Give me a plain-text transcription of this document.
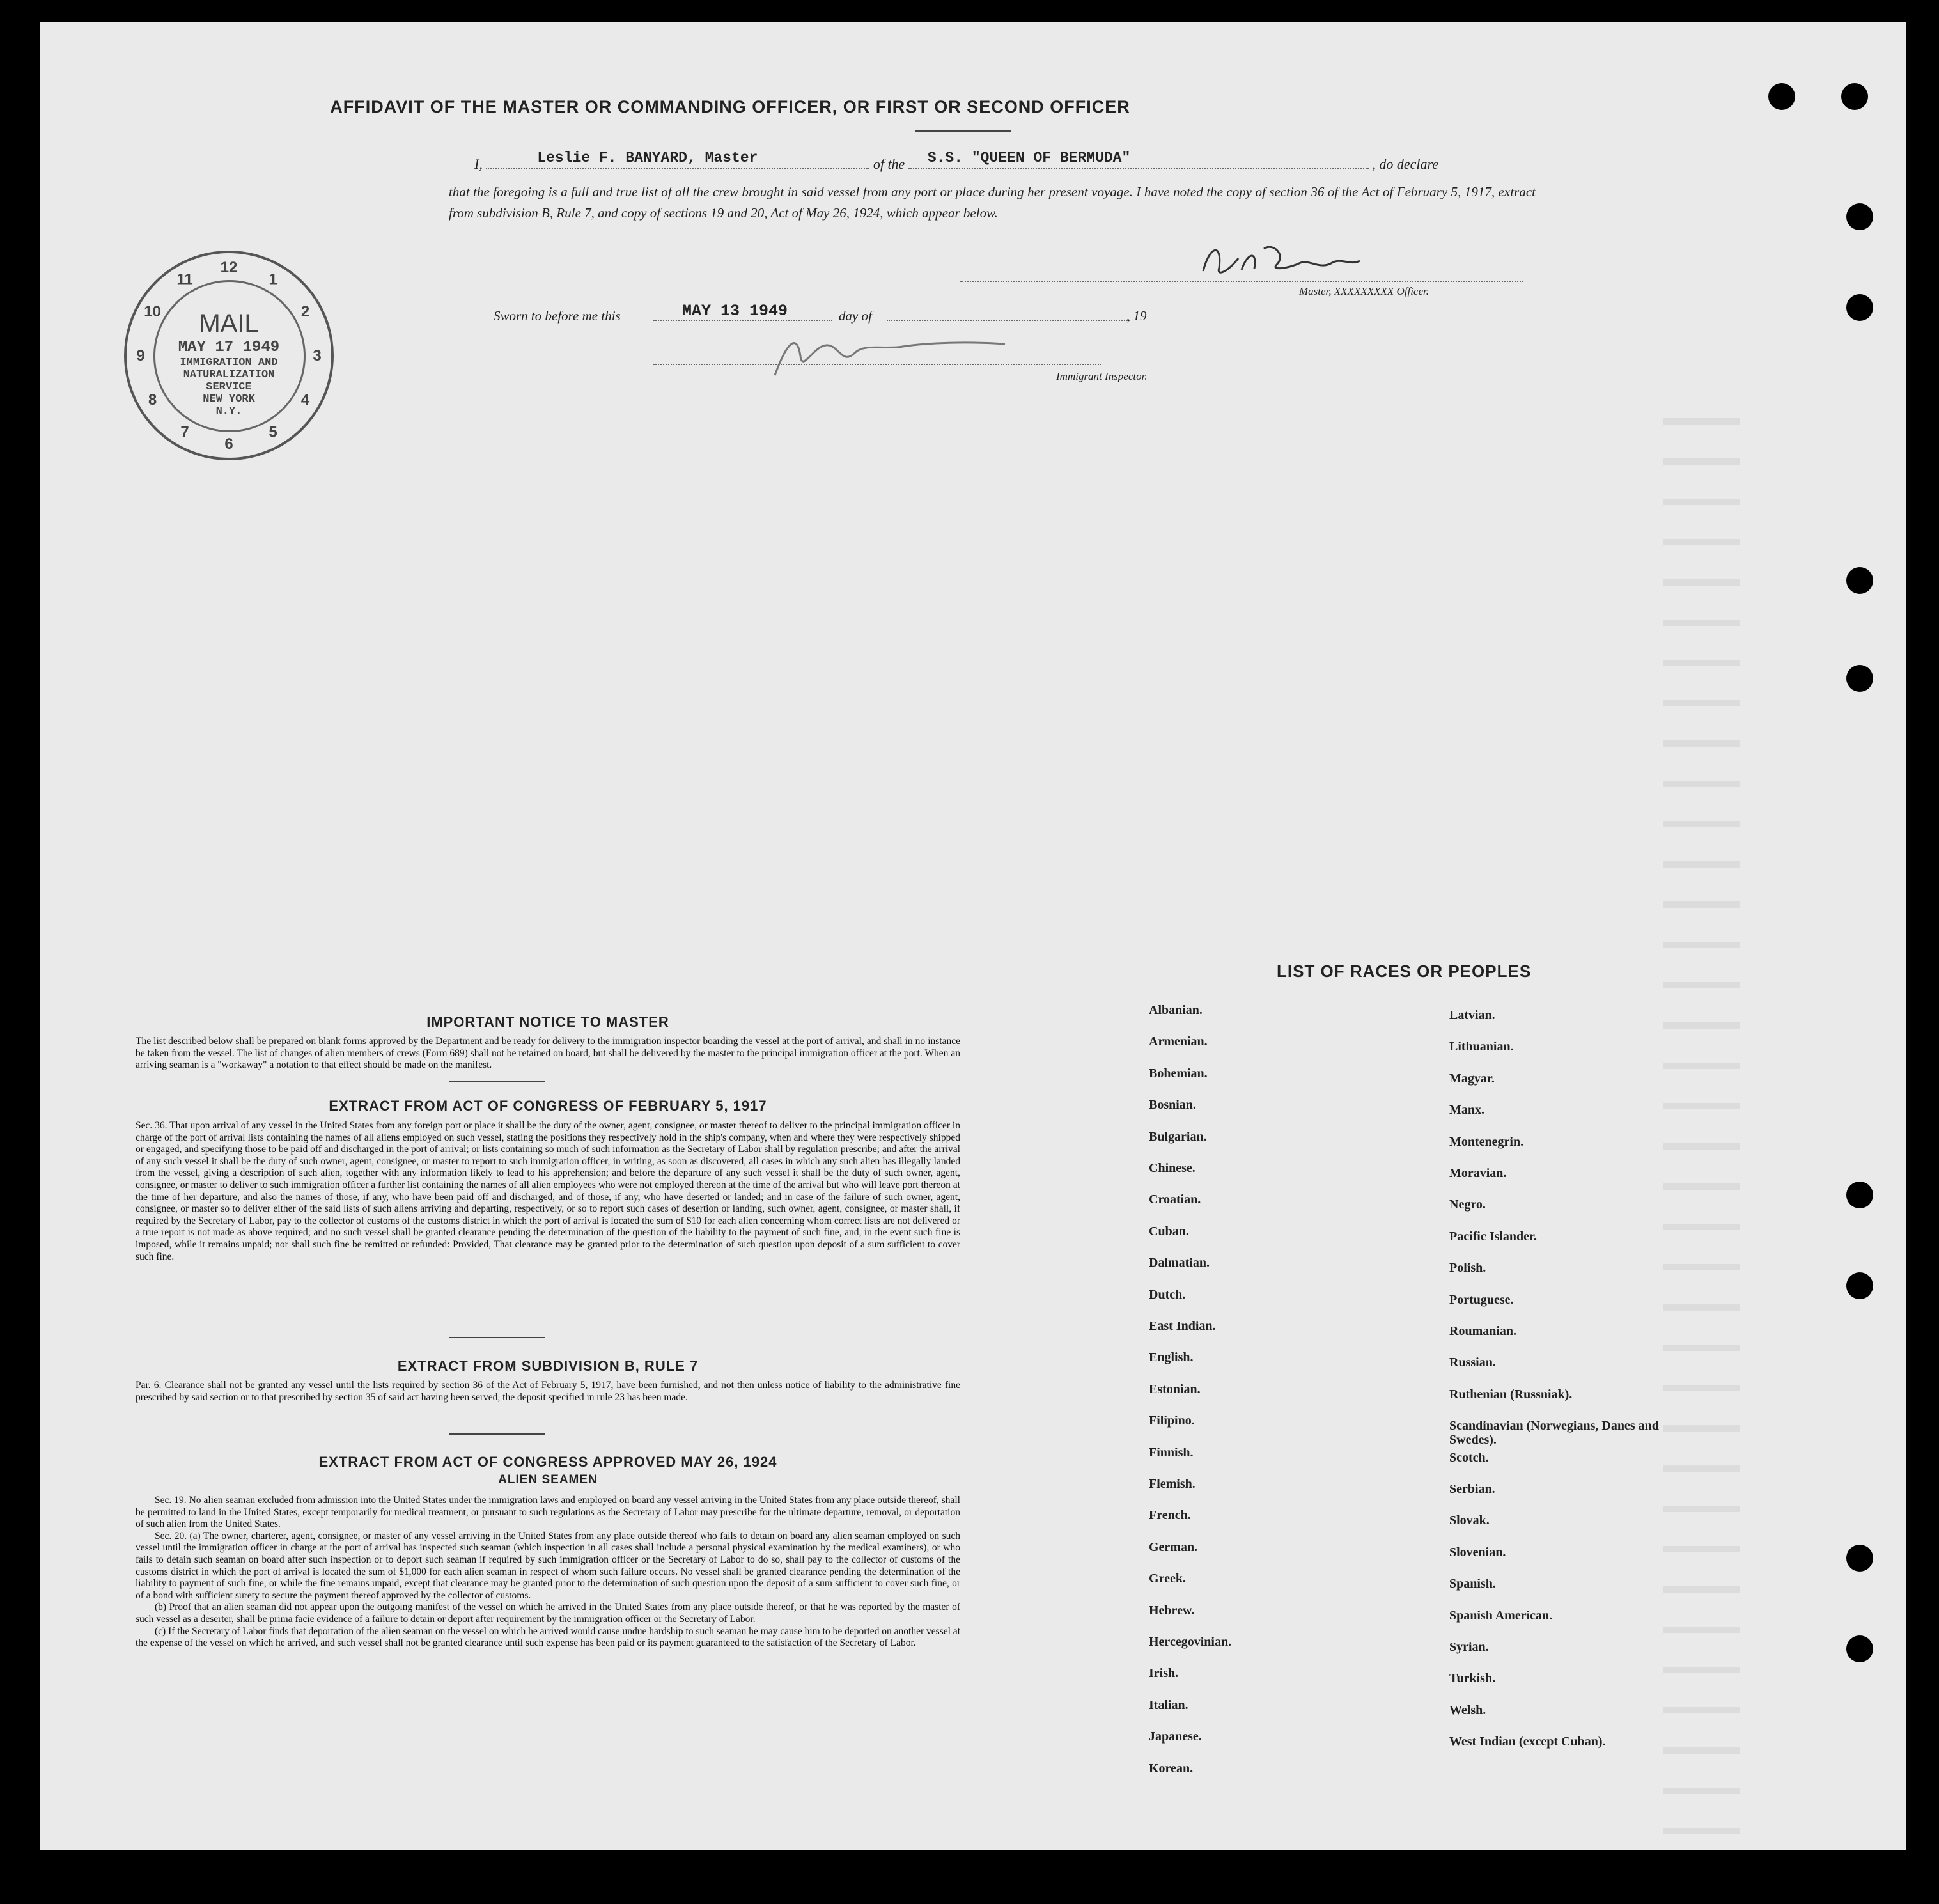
AFFIDAVIT OF THE MASTER OR COMMANDING OFFICER, OR FIRST OR SECOND OFFICER
I,	Leslie F. BANYARD, Master	of the S.S. "QUEEN OF BERMUDA"	, do declare
that the foregoing is a full and true list of all the crew brought in said vessel from any port or place during her present voyage. I have noted the copy of section 36 of the Act of February 5, 1917, extract from subdivision B, Rule 7, and copy of sections 19 and 20, Act of May 26, 1924, which appear below.
Master, XXXXXXXXX Officer.
Sworn to before me this	MAY 13 1949	day of	, 19
Immigrant Inspector.
12
1
2
3
4
5
6
7
8
9
10
11
MAIL
MAY 17 1949
IMMIGRATION AND
NATURALIZATION
SERVICE
NEW YORK
N.Y.
IMPORTANT NOTICE TO MASTER
The list described below shall be prepared on blank forms approved by the Department and be ready for delivery to the immigration inspector boarding the vessel at the port of arrival, and shall in no instance be taken from the vessel. The list of changes of alien members of crews (Form 689) shall not be retained on board, but shall be delivered by the master to the principal immigration officer at the port. When an arriving seaman is a "workaway" a notation to that effect should be made on the manifest.
EXTRACT FROM ACT OF CONGRESS OF FEBRUARY 5, 1917
Sec. 36. That upon arrival of any vessel in the United States from any foreign port or place it shall be the duty of the owner, agent, consignee, or master thereof to deliver to the principal immigration officer in charge of the port of arrival lists containing the names of all aliens employed on such vessel, stating the positions they respectively hold in the ship's company, when and where they were respectively shipped or engaged, and specifying those to be paid off and discharged in the port of arrival; or lists containing so much of such information as the Secretary of Labor shall by regulation prescribe; and after the arrival of any such vessel it shall be the duty of such owner, agent, consignee, or master to report to such immigration officer, in writing, as soon as discovered, all cases in which any such alien has illegally landed from the vessel, giving a description of such alien, together with any information likely to lead to his apprehension; and before the departure of any such vessel it shall be the duty of such owner, agent, consignee, or master to deliver to such immigration officer a further list containing the names of all alien employees who were not employed thereon at the time of the arrival but who will leave port thereon at the time of her departure, and also the names of those, if any, who have been paid off and discharged, and of those, if any, who have deserted or landed; and in case of the failure of such owner, agent, consignee, or master so to deliver either of the said lists of such aliens arriving and departing, respectively, or so to report such cases of desertion or landing, such owner, agent, consignee, or master shall, if required by the Secretary of Labor, pay to the collector of customs of the customs district in which the port of arrival is located the sum of $10 for each alien concerning whom correct lists are not delivered or a true report is not made as above required; and no such vessel shall be granted clearance pending the determination of the question of the liability to the payment of such fine, and, in the event such fine is imposed, while it remains unpaid; nor shall such fine be remitted or refunded: Provided, That clearance may be granted prior to the determination of such question upon deposit of a sum sufficient to cover such fine.
EXTRACT FROM SUBDIVISION B, RULE 7
Par. 6. Clearance shall not be granted any vessel until the lists required by section 36 of the Act of February 5, 1917, have been furnished, and not then unless notice of liability to the administrative fine prescribed by said section or to that prescribed by section 35 of said act having been served, the deposit specified in rule 23 has been made.
EXTRACT FROM ACT OF CONGRESS APPROVED MAY 26, 1924
ALIEN SEAMEN
Sec. 19. No alien seaman excluded from admission into the United States under the immigration laws and employed on board any vessel arriving in the United States from any place outside thereof, shall be permitted to land in the United States, except temporarily for medical treatment, or pursuant to such regulations as the Secretary of Labor may prescribe for the ultimate departure, removal, or deportation of such alien from the United States.
Sec. 20. (a) The owner, charterer, agent, consignee, or master of any vessel arriving in the United States from any place outside thereof who fails to detain on board any alien seaman employed on such vessel until the immigration officer in charge at the port of arrival has inspected such seaman (which inspection in all cases shall include a personal physical examination by the medical examiners), or who fails to detain such seaman on board after such inspection or to deport such seaman if required by such immigration officer or the Secretary of Labor to do so, shall pay to the collector of customs of the customs district in which the port of arrival is located the sum of $1,000 for each alien seaman in respect of whom such failure occurs. No vessel shall be granted clearance pending the determination of the liability to payment of such fine, or while the fine remains unpaid, except that clearance may be granted prior to the determination of such question upon the deposit of a sum sufficient to cover such fine, or of a bond with sufficient surety to secure the payment thereof approved by the collector of customs.
(b) Proof that an alien seaman did not appear upon the outgoing manifest of the vessel on which he arrived in the United States from any place outside thereof, or that he was reported by the master of such vessel as a deserter, shall be prima facie evidence of a failure to detain or deport after requirement by the immigration officer or the Secretary of Labor.
(c) If the Secretary of Labor finds that deportation of the alien seaman on the vessel on which he arrived would cause undue hardship to such seaman he may cause him to be deported on another vessel at the expense of the vessel on which he arrived, and such vessel shall not be granted clearance until such expense has been paid or its payment guaranteed to the satisfaction of the Secretary of Labor.
LIST OF RACES OR PEOPLES
Albanian.
Armenian.
Bohemian.
Bosnian.
Bulgarian.
Chinese.
Croatian.
Cuban.
Dalmatian.
Dutch.
East Indian.
English.
Estonian.
Filipino.
Finnish.
Flemish.
French.
German.
Greek.
Hebrew.
Hercegovinian.
Irish.
Italian.
Japanese.
Korean.
Latvian.
Lithuanian.
Magyar.
Manx.
Montenegrin.
Moravian.
Negro.
Pacific Islander.
Polish.
Portuguese.
Roumanian.
Russian.
Ruthenian (Russniak).
Scandinavian (Norwegians, Danes and Swedes).
Scotch.
Serbian.
Slovak.
Slovenian.
Spanish.
Spanish American.
Syrian.
Turkish.
Welsh.
West Indian (except Cuban).
